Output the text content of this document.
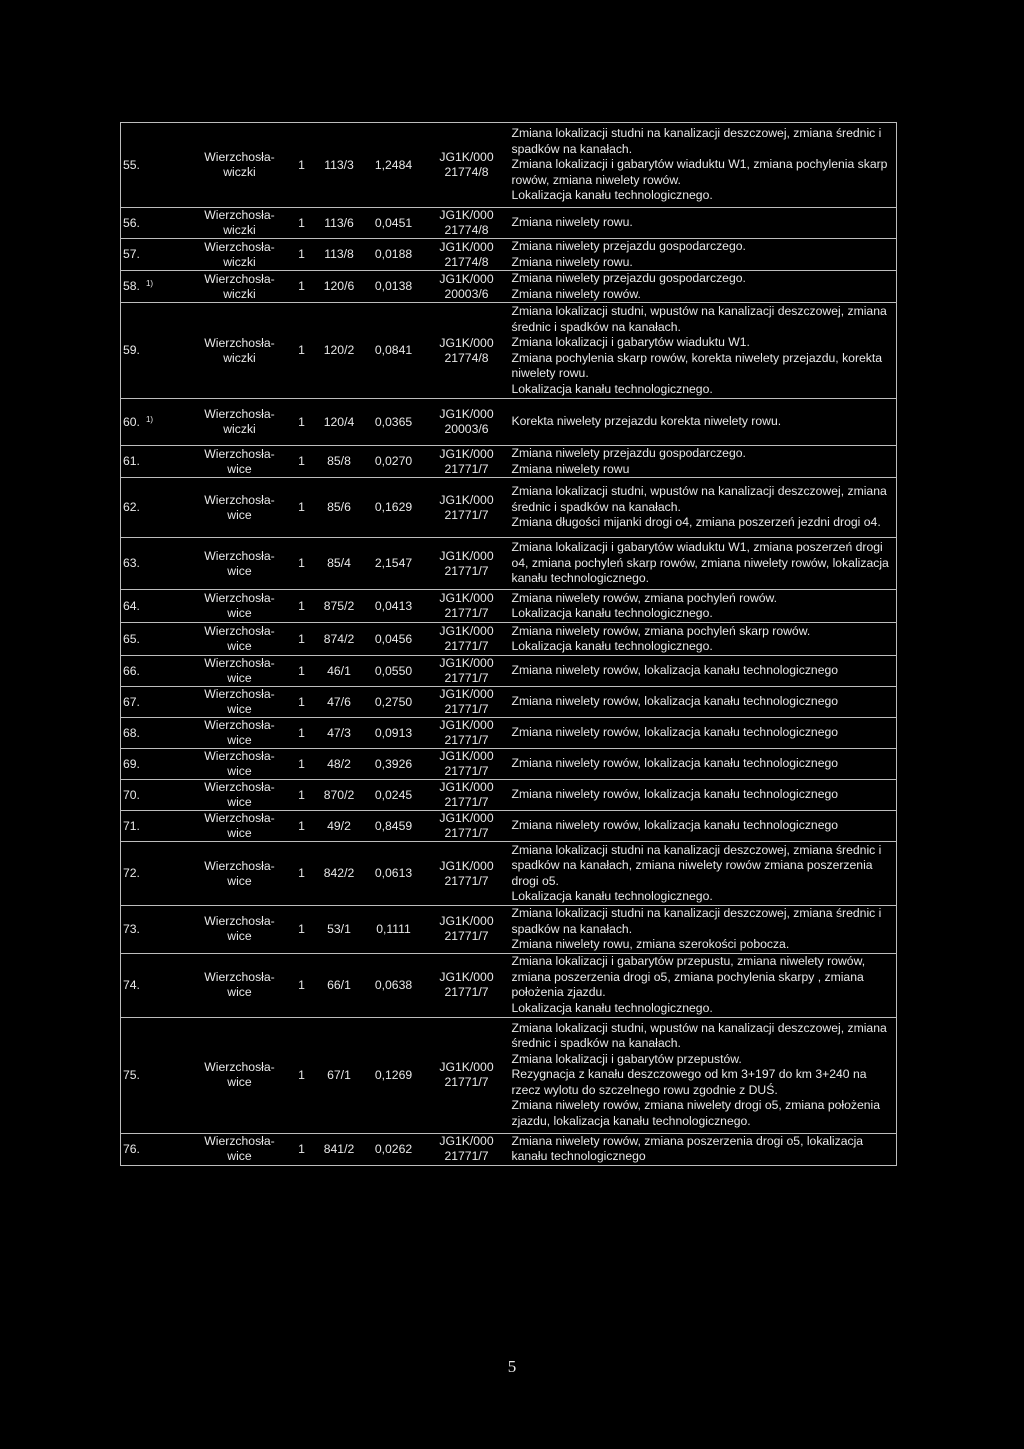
55.	Wierzchosła-
wiczki	1	113/3	1,2484	JG1K/000
21774/8	Zmiana lokalizacji studni na kanalizacji deszczowej, zmiana średnic i spadków na kanałach.
Zmiana lokalizacji i gabarytów wiaduktu W1, zmiana pochylenia skarp rowów, zmiana niwelety rowów.
Lokalizacja kanału technologicznego.
56.	Wierzchosła-
wiczki	1	113/6	0,0451	JG1K/000
21774/8	Zmiana niwelety rowu.
57.	Wierzchosła-
wiczki	1	113/8	0,0188	JG1K/000
21774/8	Zmiana niwelety przejazdu gospodarczego.
Zmiana niwelety rowu.
58. $^{1)}$	Wierzchosła-
wiczki	1	120/6	0,0138	JG1K/000
20003/6	Zmiana niwelety przejazdu gospodarczego.
Zmiana niwelety rowów.
59.	Wierzchosła-
wiczki	1	120/2	0,0841	JG1K/000
21774/8	Zmiana lokalizacji studni, wpustów na kanalizacji deszczowej, zmiana średnic i spadków na kanałach.
Zmiana lokalizacji i gabarytów wiaduktu W1.
Zmiana pochylenia skarp rowów, korekta niwelety przejazdu, korekta niwelety rowu.
Lokalizacja kanału technologicznego.
60. $^{1)}$	Wierzchosła-
wiczki	1	120/4	0,0365	JG1K/000
20003/6	Korekta niwelety przejazdu korekta niwelety rowu.
61.	Wierzchosła-
wice	1	85/8	0,0270	JG1K/000
21771/7	Zmiana niwelety przejazdu gospodarczego.
Zmiana niwelety rowu
62.	Wierzchosła-
wice	1	85/6	0,1629	JG1K/000
21771/7	Zmiana lokalizacji studni, wpustów na kanalizacji deszczowej, zmiana średnic i spadków na kanałach.
Zmiana długości mijanki drogi o4, zmiana poszerzeń jezdni drogi o4.
63.	Wierzchosła-
wice	1	85/4	2,1547	JG1K/000
21771/7	Zmiana lokalizacji i gabarytów wiaduktu W1, zmiana poszerzeń drogi o4, zmiana pochyleń skarp rowów, zmiana niwelety rowów, lokalizacja kanału technologicznego.
64.	Wierzchosła-
wice	1	875/2	0,0413	JG1K/000
21771/7	Zmiana niwelety rowów, zmiana pochyleń rowów.
Lokalizacja kanału technologicznego.
65.	Wierzchosła-
wice	1	874/2	0,0456	JG1K/000
21771/7	Zmiana niwelety rowów, zmiana pochyleń skarp rowów.
Lokalizacja kanału technologicznego.
66.	Wierzchosła-
wice	1	46/1	0,0550	JG1K/000
21771/7	Zmiana niwelety rowów, lokalizacja kanału technologicznego
67.	Wierzchosła-
wice	1	47/6	0,2750	JG1K/000
21771/7	Zmiana niwelety rowów, lokalizacja kanału technologicznego
68.	Wierzchosła-
wice	1	47/3	0,0913	JG1K/000
21771/7	Zmiana niwelety rowów, lokalizacja kanału technologicznego
69.	Wierzchosła-
wice	1	48/2	0,3926	JG1K/000
21771/7	Zmiana niwelety rowów, lokalizacja kanału technologicznego
70.	Wierzchosła-
wice	1	870/2	0,0245	JG1K/000
21771/7	Zmiana niwelety rowów, lokalizacja kanału technologicznego
71.	Wierzchosła-
wice	1	49/2	0,8459	JG1K/000
21771/7	Zmiana niwelety rowów, lokalizacja kanału technologicznego
72.	Wierzchosła-
wice	1	842/2	0,0613	JG1K/000
21771/7	Zmiana lokalizacji studni na kanalizacji deszczowej, zmiana średnic i spadków na kanałach, zmiana niwelety rowów zmiana poszerzenia drogi o5.
Lokalizacja kanału technologicznego.
73.	Wierzchosła-
wice	1	53/1	0,1111	JG1K/000
21771/7	Zmiana lokalizacji studni na kanalizacji deszczowej, zmiana średnic i spadków na kanałach.
Zmiana niwelety rowu, zmiana szerokości pobocza.
74.	Wierzchosła-
wice	1	66/1	0,0638	JG1K/000
21771/7	Zmiana lokalizacji i gabarytów przepustu, zmiana niwelety rowów, zmiana poszerzenia drogi o5, zmiana pochylenia skarpy , zmiana położenia zjazdu.
Lokalizacja kanału technologicznego.
75.	Wierzchosła-
wice	1	67/1	0,1269	JG1K/000
21771/7	Zmiana lokalizacji studni, wpustów na kanalizacji deszczowej, zmiana średnic i spadków na kanałach.
Zmiana lokalizacji i gabarytów przepustów.
Rezygnacja z kanału deszczowego od km 3+197 do km 3+240 na rzecz wylotu do szczelnego rowu zgodnie z DUŚ.
Zmiana niwelety rowów, zmiana niwelety drogi o5, zmiana położenia zjazdu, lokalizacja kanału technologicznego.
76.	Wierzchosła-
wice	1	841/2	0,0262	JG1K/000
21771/7	Zmiana niwelety rowów, zmiana poszerzenia drogi o5, lokalizacja kanału technologicznego
5
